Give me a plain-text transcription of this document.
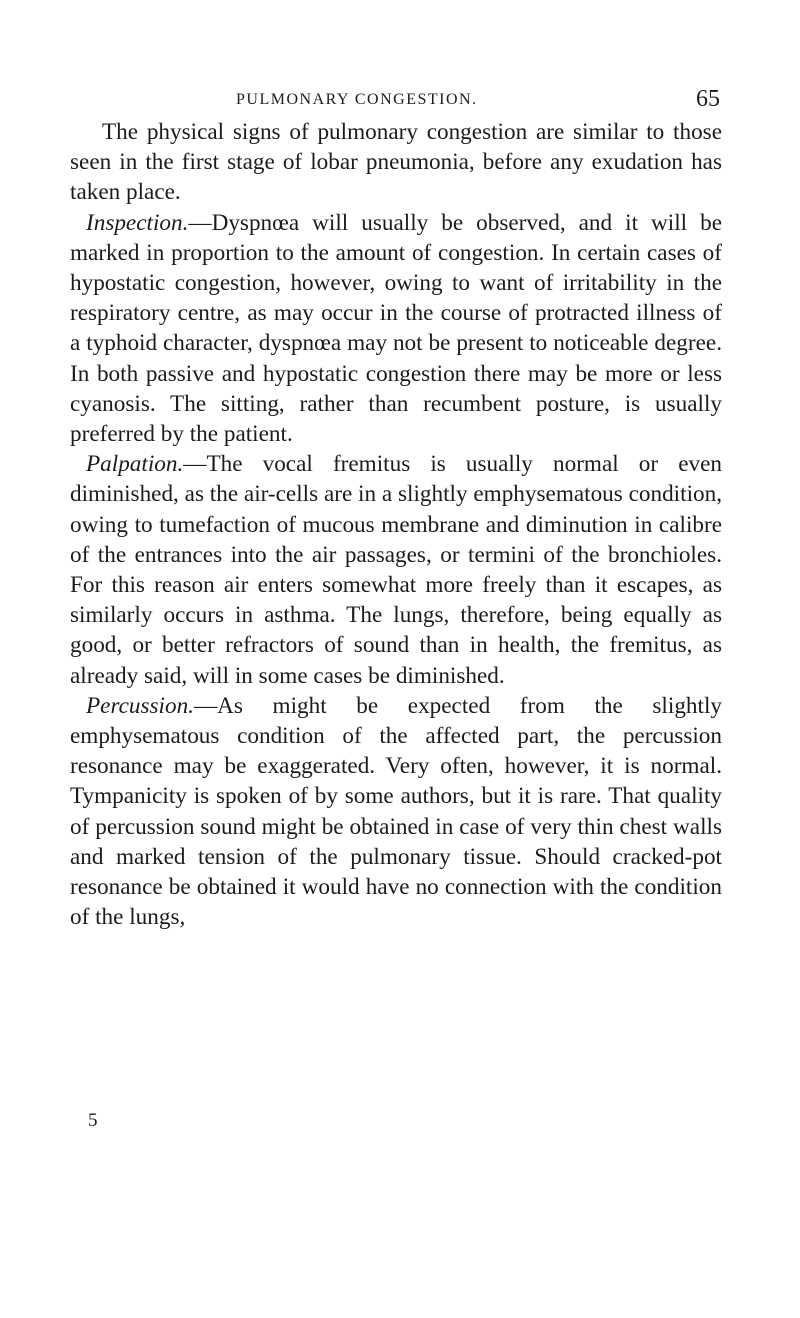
PULMONARY CONGESTION.	65

The physical signs of pulmonary congestion are similar to those seen in the first stage of lobar pneumonia, before any exudation has taken place.

Inspection.—Dyspnœa will usually be observed, and it will be marked in proportion to the amount of congestion. In certain cases of hypostatic congestion, however, owing to want of irritability in the respiratory centre, as may occur in the course of protracted illness of a typhoid character, dyspnœa may not be present to noticeable degree. In both passive and hypostatic congestion there may be more or less cyanosis. The sitting, rather than recumbent posture, is usually preferred by the patient.

Palpation.—The vocal fremitus is usually normal or even diminished, as the air-cells are in a slightly emphysematous condition, owing to tumefaction of mucous membrane and diminution in calibre of the entrances into the air passages, or termini of the bronchioles. For this reason air enters somewhat more freely than it escapes, as similarly occurs in asthma. The lungs, therefore, being equally as good, or better refractors of sound than in health, the fremitus, as already said, will in some cases be diminished.

Percussion.—As might be expected from the slightly emphysematous condition of the affected part, the percussion resonance may be exaggerated. Very often, however, it is normal. Tympanicity is spoken of by some authors, but it is rare. That quality of percussion sound might be obtained in case of very thin chest walls and marked tension of the pulmonary tissue. Should cracked-pot resonance be obtained it would have no connection with the condition of the lungs,

5
